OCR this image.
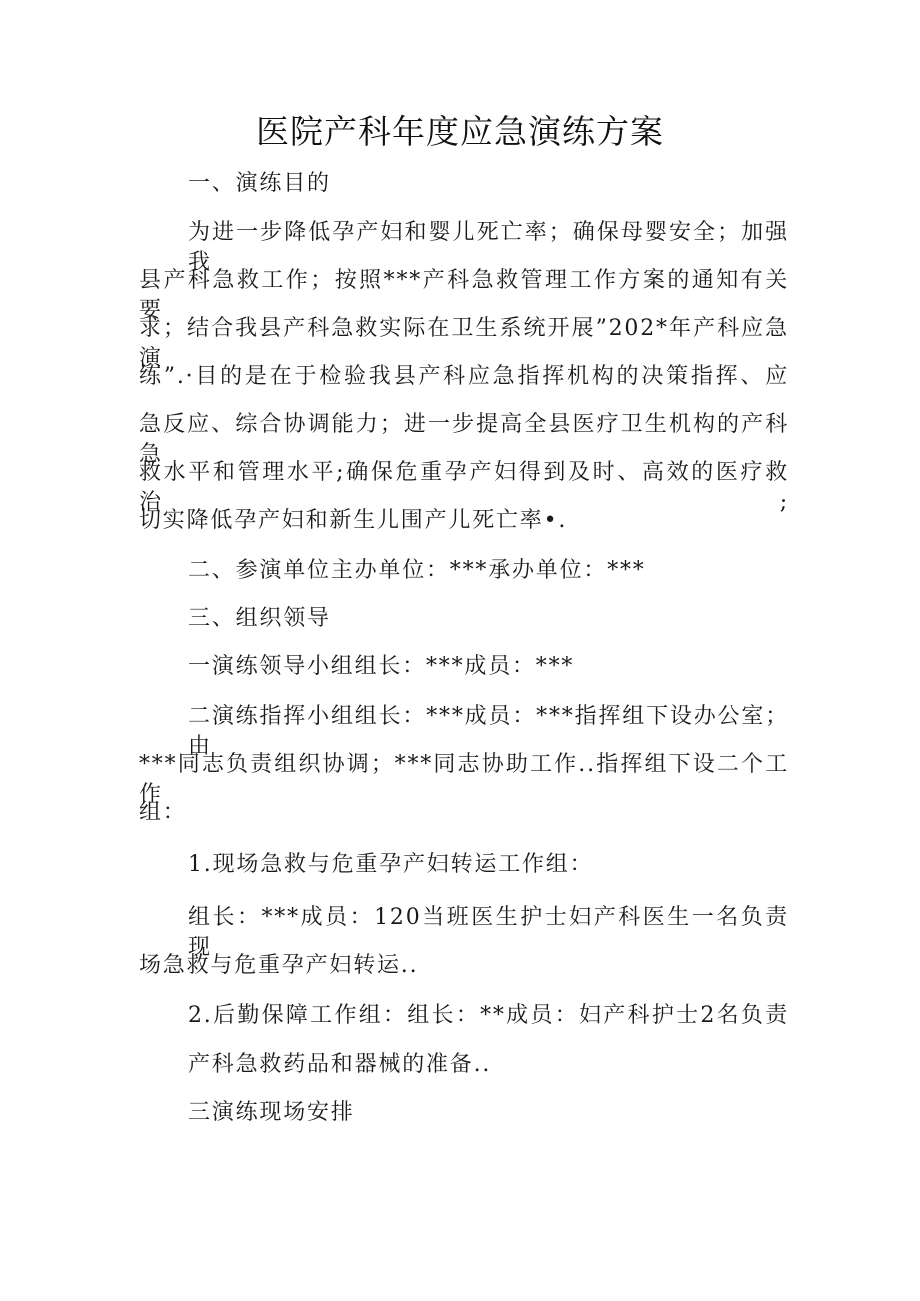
医院产科年度应急演练方案
一、演练目的
为进一步降低孕产妇和婴儿死亡率；确保母婴安全；加强我
县产科急救工作；按照***产科急救管理工作方案的通知有关要
求；结合我县产科急救实际在卫生系统开展”202*年产科应急演
练”.·目的是在于检验我县产科应急指挥机构的决策指挥、应
急反应、综合协调能力；进一步提高全县医疗卫生机构的产科急
救水平和管理水平;确保危重孕产妇得到及时、高效的医疗救治;
切实降低孕产妇和新生儿围产儿死亡率•.
二、参演单位主办单位：***承办单位：***
三、组织领导
一演练领导小组组长：***成员：***
二演练指挥小组组长：***成员：***指挥组下设办公室；由
***同志负责组织协调；***同志协助工作..指挥组下设二个工作
组：
1.现场急救与危重孕产妇转运工作组：
组长：***成员：120当班医生护士妇产科医生一名负责现
场急救与危重孕产妇转运..
2.后勤保障工作组：组长：**成员：妇产科护士2名负责
产科急救药品和器械的准备..
三演练现场安排
